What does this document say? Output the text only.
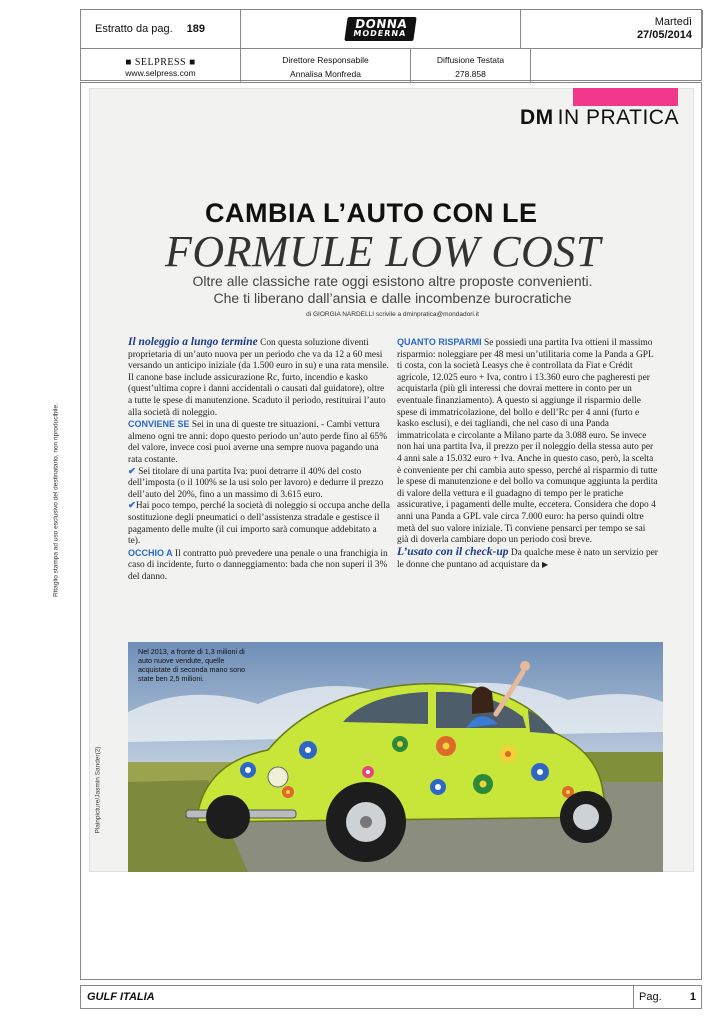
Ritaglio stampa ad uso esclusivo del destinatario, non riproducibile.
Estratto da pag. 189	DONNA
MODERNA
Martedì
27/05/2014
■ SELPRESS ■
www.selpress.com
Direttore Responsabile
Annalisa Monfreda
Diffusione Testata
278.858
DM IN PRATICA
CAMBIA L’AUTO CON LE
FORMULE LOW COST
Oltre alle classiche rate oggi esistono altre proposte convenienti.
Che ti liberano dall’ansia e dalle incombenze burocratiche
di GIORGIA NARDELLI scrivile a dminpratica@mondadori.it

Il noleggio a lungo termine Con questa soluzione diventi proprietaria di un’auto nuova per un periodo che va da 12 a 60 mesi versando un anticipo iniziale (da 1.500 euro in su) e una rata mensile. Il canone base include assicurazione Rc, furto, incendio e kasko (quest’ultima copre i danni accidentali o causati dal guidatore), oltre a tutte le spese di manutenzione. Scaduto il periodo, restituirai l’auto alla società di noleggio.

CONVIENE SE Sei in una di queste tre situazioni. - Cambi vettura almeno ogni tre anni: dopo questo periodo un’auto perde fino al 65% del valore, invece così puoi averne una sempre nuova pagando una rata costante.

✔ Sei titolare di una partita Iva: puoi detrarre il 40% del costo dell’imposta (o il 100% se la usi solo per lavoro) e dedurre il prezzo dell’auto del 20%, fino a un massimo di 3.615 euro.

✔Hai poco tempo, perché la società di noleggio si occupa anche della sostituzione degli pneumatici o dell’assistenza stradale e gestisce il pagamento delle multe (il cui importo sarà comunque addebitato a te).

OCCHIO A Il contratto può prevedere una penale o una franchigia in caso di incidente, furto o danneggiamento: bada che non superi il 3% del danno.

QUANTO RISPARMI Se possiedi una partita Iva ottieni il massimo risparmio: noleggiare per 48 mesi un’utilitaria come la Panda a GPL ti costa, con la società Leasys che è controllata da Fiat e Crédit agricole, 12.025 euro + Iva, contro i 13.360 euro che pagheresti per acquistarla (più gli interessi che dovrai mettere in conto per un eventuale finanziamento). A questo si aggiunge il risparmio delle spese di immatricolazione, del bollo e dell’Rc per 4 anni (furto e kasko esclusi), e dei tagliandi, che nel caso di una Panda immatricolata e circolante a Milano parte da 3.088 euro. Se invece non hai una partita Iva, il prezzo per il noleggio della stessa auto per 4 anni sale a 15.032 euro + Iva. Anche in questo caso, però, la scelta è conveniente per chi cambia auto spesso, perché al risparmio di tutte le spese di manutenzione e del bollo va comunque aggiunta la perdita di valore della vettura e il guadagno di tempo per le pratiche assicurative, i pagamenti delle multe, eccetera. Considera che dopo 4 anni una Panda a GPL vale circa 7.000 euro: ha perso quindi oltre metà del suo valore iniziale. Ti conviene pensarci per tempo se sai già di doverla cambiare dopo un periodo così breve.

L’usato con il check-up Da qualche mese è nato un servizio per le donne che puntano ad acquistare da ▶

Nel 2013, a fronte di 1,3 milioni di auto nuove vendute, quelle acquistate di seconda mano sono state ben 2,5 milioni.
Plainpicture/Jasmin Sander(2)
GULF ITALIA	Pag.	1
